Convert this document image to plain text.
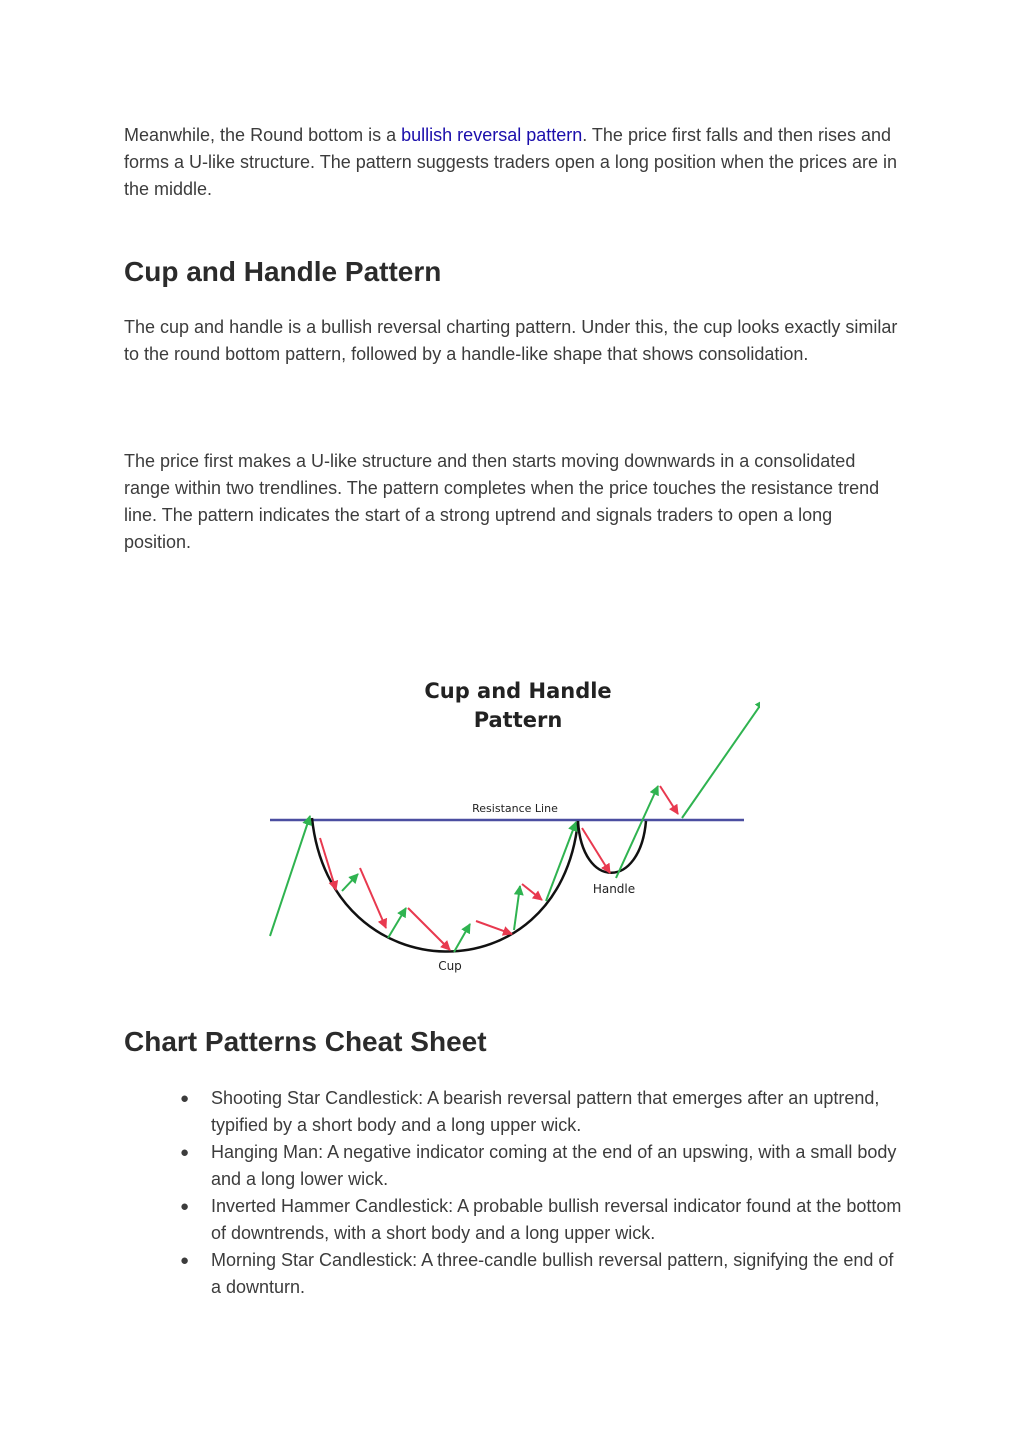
Meanwhile, the Round bottom is a bullish reversal pattern. The price first falls and then rises and forms a U-like structure. The pattern suggests traders open a long position when the prices are in the middle.

Cup and Handle Pattern

The cup and handle is a bullish reversal charting pattern. Under this, the cup looks exactly similar to the round bottom pattern, followed by a handle-like shape that shows consolidation.

The price first makes a U-like structure and then starts moving downwards in a consolidated range within two trendlines. The pattern completes when the price touches the resistance trend line. The pattern indicates the start of a strong uptrend and signals traders to open a long position.

Cup and Handle
Pattern
Resistance Line
Handle
Cup
Chart Patterns Cheat Sheet
● Shooting Star Candlestick: A bearish reversal pattern that emerges after an uptrend, typified by a short body and a long upper wick.
● Hanging Man: A negative indicator coming at the end of an upswing, with a small body and a long lower wick.
● Inverted Hammer Candlestick: A probable bullish reversal indicator found at the bottom of downtrends, with a short body and a long upper wick.
● Morning Star Candlestick: A three-candle bullish reversal pattern, signifying the end of a downturn.
